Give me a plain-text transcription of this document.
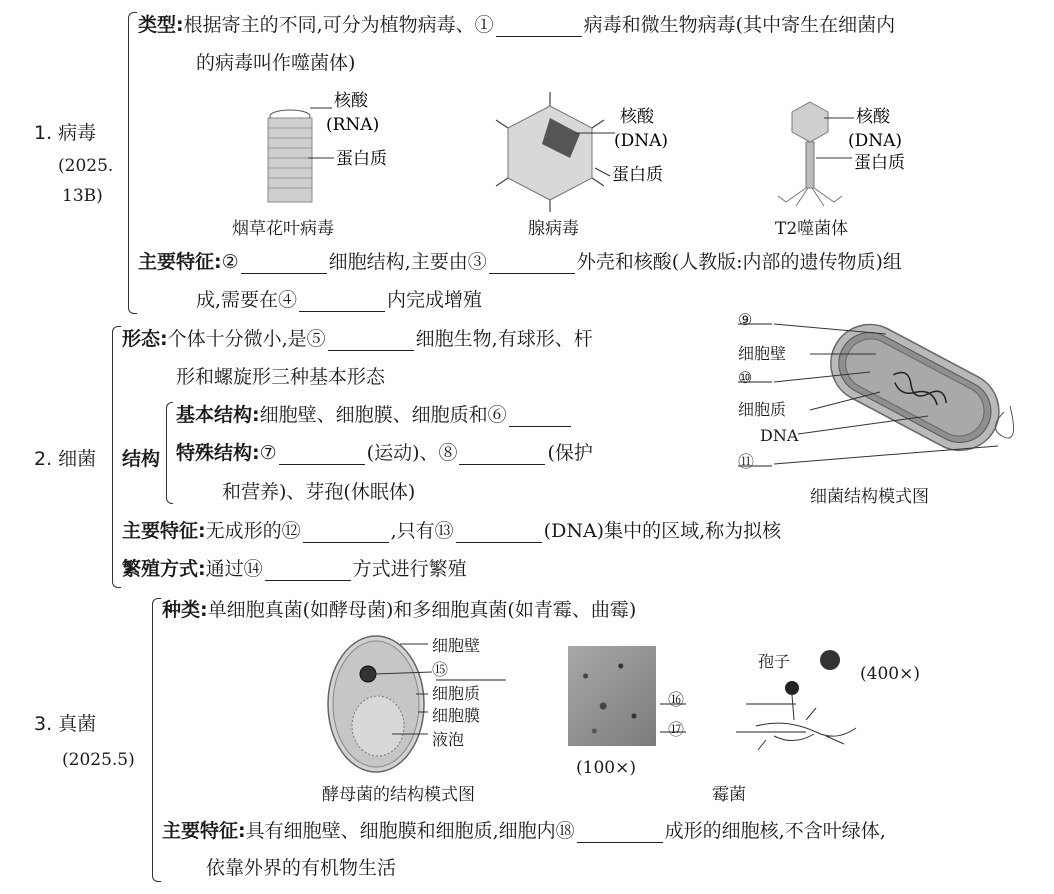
1. 病毒
(2025.
13B)
类型:根据寄主的不同,可分为植物病毒、①	病毒和微生物病毒(其中寄生在细菌内
的病毒叫作噬菌体)
核酸
(RNA)
蛋白质
核酸
(DNA)
蛋白质
核酸
(DNA)
蛋白质
烟草花叶病毒	腺病毒	T2噬菌体
主要特征:②	细胞结构,主要由③	外壳和核酸(人教版:内部的遗传物质)组
成,需要在④	内完成增殖
2. 细菌
形态:个体十分微小,是⑤	细胞生物,有球形、杆
形和螺旋形三种基本形态
结构
基本结构:细胞壁、细胞膜、细胞质和⑥
特殊结构:⑦	(运动)、⑧	(保护
和营养)、芽孢(休眠体)
主要特征:无成形的⑫	,只有⑬	(DNA)集中的区域,称为拟核
繁殖方式:通过⑭	方式进行繁殖
⑨
细胞壁
⑩
细胞质
DNA
⑪
细菌结构模式图
3. 真菌
(2025.5)
种类:单细胞真菌(如酵母菌)和多细胞真菌(如青霉、曲霉)
细胞壁
⑮
细胞质
细胞膜
液泡
酵母菌的结构模式图
(100×)
孢子
⑯
⑰
(400×)
霉菌
主要特征:具有细胞壁、细胞膜和细胞质,细胞内⑱	成形的细胞核,不含叶绿体,
依靠外界的有机物生活
